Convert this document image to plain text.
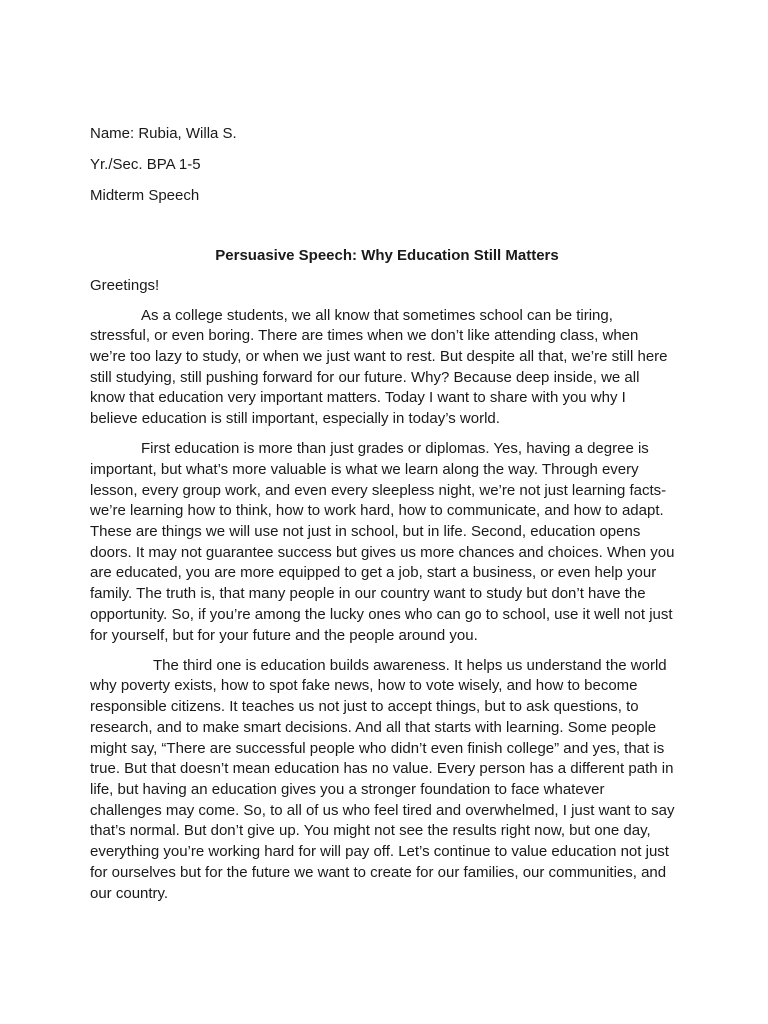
Name: Rubia, Willa S.
Yr./Sec. BPA 1-5
Midterm Speech
Persuasive Speech: Why Education Still Matters
Greetings!
As a college students, we all know that sometimes school can be tiring,
stressful, or even boring. There are times when we don’t like attending class, when
we’re too lazy to study, or when we just want to rest. But despite all that, we’re still here
still studying, still pushing forward for our future. Why? Because deep inside, we all
know that education very important matters. Today I want to share with you why I
believe education is still important, especially in today’s world.
First education is more than just grades or diplomas. Yes, having a degree is
important, but what’s more valuable is what we learn along the way. Through every
lesson, every group work, and even every sleepless night, we’re not just learning facts-
we’re learning how to think, how to work hard, how to communicate, and how to adapt.
These are things we will use not just in school, but in life. Second, education opens
doors. It may not guarantee success but gives us more chances and choices. When you
are educated, you are more equipped to get a job, start a business, or even help your
family. The truth is, that many people in our country want to study but don’t have the
opportunity. So, if you’re among the lucky ones who can go to school, use it well not just
for yourself, but for your future and the people around you.
The third one is education builds awareness. It helps us understand the world
why poverty exists, how to spot fake news, how to vote wisely, and how to become
responsible citizens. It teaches us not just to accept things, but to ask questions, to
research, and to make smart decisions. And all that starts with learning. Some people
might say, “There are successful people who didn’t even finish college” and yes, that is
true. But that doesn’t mean education has no value. Every person has a different path in
life, but having an education gives you a stronger foundation to face whatever
challenges may come. So, to all of us who feel tired and overwhelmed, I just want to say
that’s normal. But don’t give up. You might not see the results right now, but one day,
everything you’re working hard for will pay off. Let’s continue to value education not just
for ourselves but for the future we want to create for our families, our communities, and
our country.
